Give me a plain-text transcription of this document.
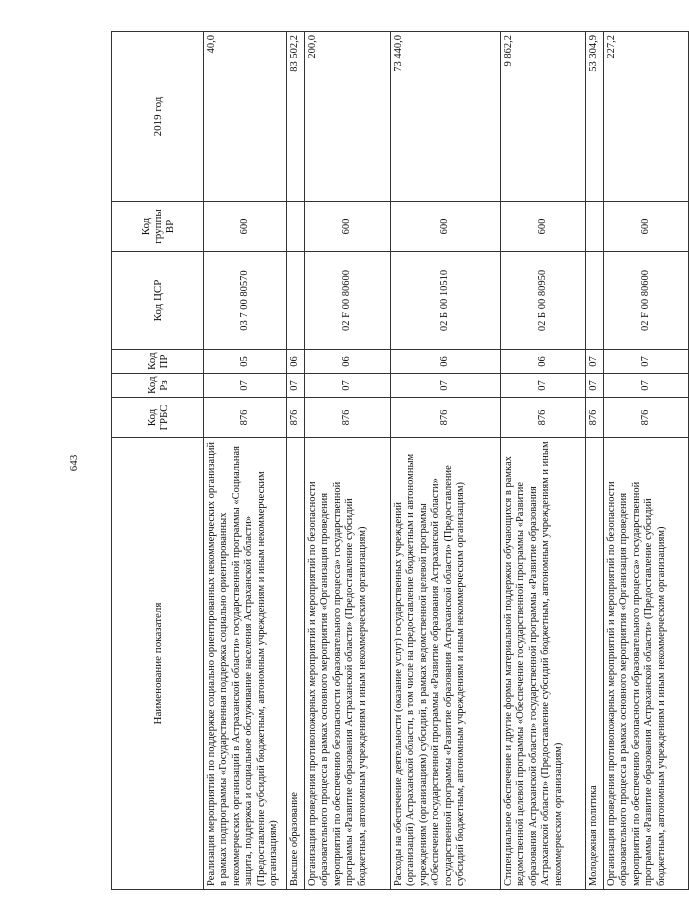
643
Наименование показателя	Код ГРБС	Код Рз	Код ПР	Код ЦСР	Код группы ВР	2019 год
Реализация мероприятий по поддержке социально ориентированных некоммерческих организаций в рамках подпрограммы «Государственная поддержка социально ориентированных некоммерческих организаций в Астраханской области» государственной программы «Социальная защита, поддержка и социальное обслуживание населения Астраханской области» (Предоставление субсидий бюджетным, автономным учреждениям и иным некоммерческим организациям)	876	07	05	03 7 00 80570	600	40,0
Высшее образование	876	07	06			83 502,2
Организация проведения противопожарных мероприятий и мероприятий по безопасности образовательного процесса в рамках основного мероприятия «Организация проведения мероприятий по обеспечению безопасности образовательного процесса» государственной программы «Развитие образования Астраханской области» (Предоставление субсидий бюджетным, автономным учреждениям и иным некоммерческим организациям)	876	07	06	02 F 00 80600	600	200,0
Расходы на обеспечение деятельности (оказание услуг) государственных учреждений (организаций) Астраханской области, в том числе на предоставление бюджетным и автономным учреждениям (организациям) субсидий, в рамках ведомственной целевой программы «Обеспечение государственной программы «Развитие образования Астраханской области» государственной программы «Развитие образования Астраханской области» (Предоставление субсидий бюджетным, автономным учреждениям и иным некоммерческим организациям)	876	07	06	02 Б 00 10510	600	73 440,0
Стипендиальное обеспечение и другие формы материальной поддержки обучающихся в рамках ведомственной целевой программы «Обеспечение государственной программы «Развитие образования Астраханской области» государственной программы «Развитие образования Астраханской области» (Предоставление субсидий бюджетным, автономным учреждениям и иным некоммерческим организациям)	876	07	06	02 Б 00 80950	600	9 862,2
Молодежная политика	876	07	07			53 304,9
Организация проведения противопожарных мероприятий и мероприятий по безопасности образовательного процесса в рамках основного мероприятия «Организация проведения мероприятий по обеспечению безопасности образовательного процесса» государственной программы «Развитие образования Астраханской области» (Предоставление субсидий бюджетным, автономным учреждениям и иным некоммерческим организациям)	876	07	07	02 F 00 80600	600	227,2
